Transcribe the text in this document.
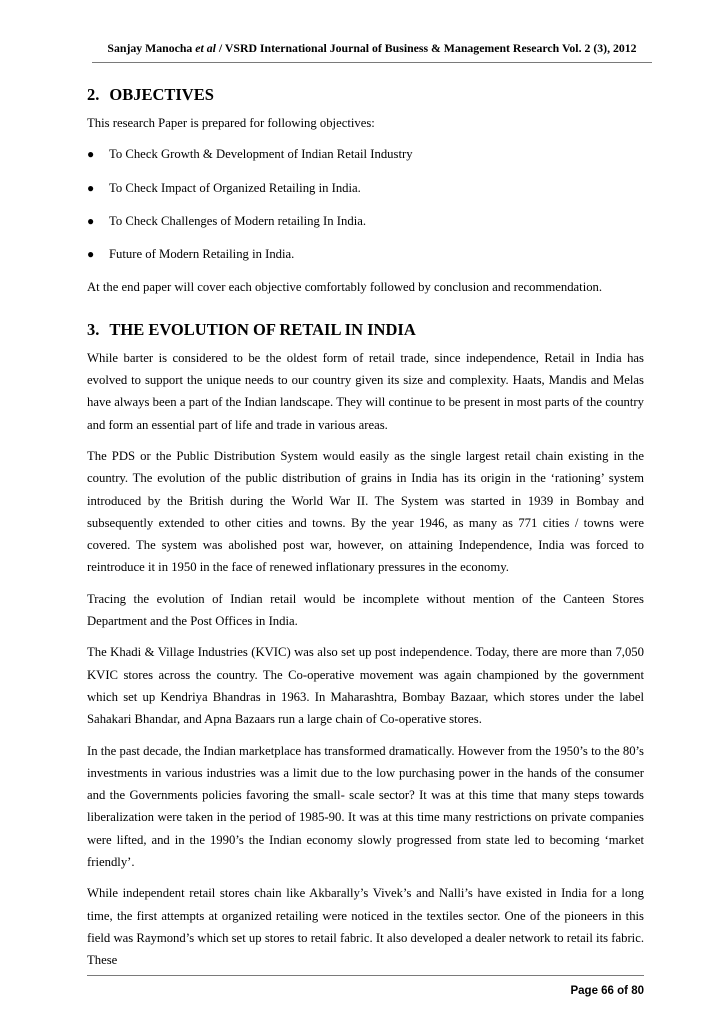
Sanjay Manocha et al / VSRD International Journal of Business & Management Research Vol. 2 (3), 2012
2. OBJECTIVES

This research Paper is prepared for following objectives:

●	To Check Growth & Development of Indian Retail Industry
●	To Check Impact of Organized Retailing in India.
●	To Check Challenges of Modern retailing In India.
●	Future of Modern Retailing in India.

At the end paper will cover each objective comfortably followed by conclusion and recommendation.

3. THE EVOLUTION OF RETAIL IN INDIA

While barter is considered to be the oldest form of retail trade, since independence, Retail in India has evolved to support the unique needs to our country given its size and complexity. Haats, Mandis and Melas have always been a part of the Indian landscape. They will continue to be present in most parts of the country and form an essential part of life and trade in various areas.

The PDS or the Public Distribution System would easily as the single largest retail chain existing in the country. The evolution of the public distribution of grains in India has its origin in the ‘rationing’ system introduced by the British during the World War II. The System was started in 1939 in Bombay and subsequently extended to other cities and towns. By the year 1946, as many as 771 cities / towns were covered. The system was abolished post war, however, on attaining Independence, India was forced to reintroduce it in 1950 in the face of renewed inflationary pressures in the economy.

Tracing the evolution of Indian retail would be incomplete without mention of the Canteen Stores Department and the Post Offices in India.

The Khadi & Village Industries (KVIC) was also set up post independence. Today, there are more than 7,050 KVIC stores across the country. The Co-operative movement was again championed by the government which set up Kendriya Bhandras in 1963. In Maharashtra, Bombay Bazaar, which stores under the label Sahakari Bhandar, and Apna Bazaars run a large chain of Co-operative stores.

In the past decade, the Indian marketplace has transformed dramatically. However from the 1950’s to the 80’s investments in various industries was a limit due to the low purchasing power in the hands of the consumer and the Governments policies favoring the small- scale sector? It was at this time that many steps towards liberalization were taken in the period of 1985-90. It was at this time many restrictions on private companies were lifted, and in the 1990’s the Indian economy slowly progressed from state led to becoming ‘market friendly’.

While independent retail stores chain like Akbarally’s Vivek’s and Nalli’s have existed in India for a long time, the first attempts at organized retailing were noticed in the textiles sector. One of the pioneers in this field was Raymond’s which set up stores to retail fabric. It also developed a dealer network to retail its fabric. These

Page 66 of 80
